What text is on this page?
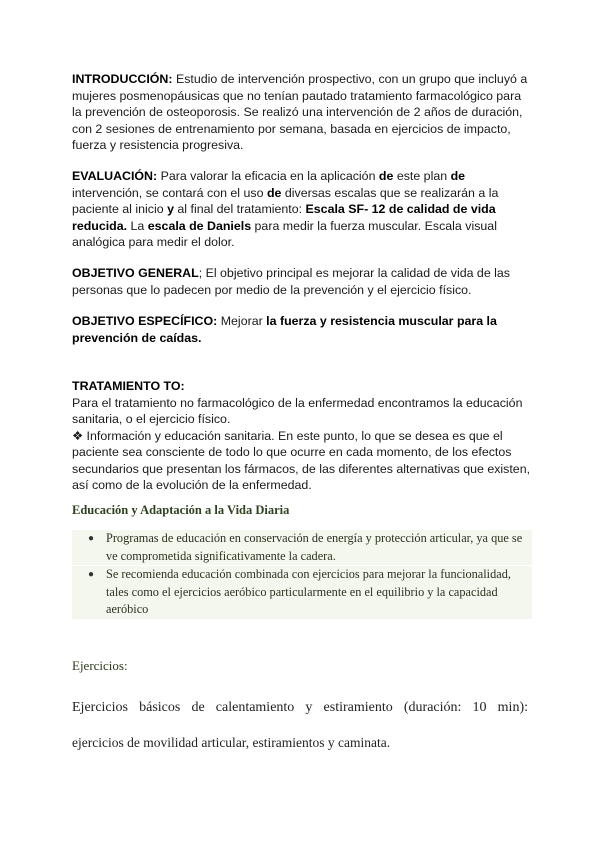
INTRODUCCIÓN: Estudio de intervención prospectivo, con un grupo que incluyó a mujeres posmenopáusicas que no tenían pautado tratamiento farmacológico para la prevención de osteoporosis. Se realizó una intervención de 2 años de duración, con 2 sesiones de entrenamiento por semana, basada en ejercicios de impacto, fuerza y resistencia progresiva.
EVALUACIÓN: Para valorar la eficacia en la aplicación de este plan de intervención, se contará con el uso de diversas escalas que se realizarán a la paciente al inicio y al final del tratamiento: Escala SF- 12 de calidad de vida reducida. La escala de Daniels para medir la fuerza muscular. Escala visual analógica para medir el dolor.
OBJETIVO GENERAL; El objetivo principal es mejorar la calidad de vida de las personas que lo padecen por medio de la prevención y el ejercicio físico.
OBJETIVO ESPECÍFICO: Mejorar la fuerza y resistencia muscular para la prevención de caídas.
TRATAMIENTO TO:
Para el tratamiento no farmacológico de la enfermedad encontramos la educación sanitaria, o el ejercicio físico.
❖ Información y educación sanitaria. En este punto, lo que se desea es que el paciente sea consciente de todo lo que ocurre en cada momento, de los efectos secundarios que presentan los fármacos, de las diferentes alternativas que existen, así como de la evolución de la enfermedad.
Educación y Adaptación a la Vida Diaria
● Programas de educación en conservación de energía y protección articular, ya que se ve comprometida significativamente la cadera.
● Se recomienda educación combinada con ejercicios para mejorar la funcionalidad, tales como el ejercicios aeróbico particularmente en el equilibrio y la capacidad aeróbico
Ejercicios:
Ejercicios básicos de calentamiento y estiramiento (duración: 10 min):
ejercicios de movilidad articular, estiramientos y caminata.
